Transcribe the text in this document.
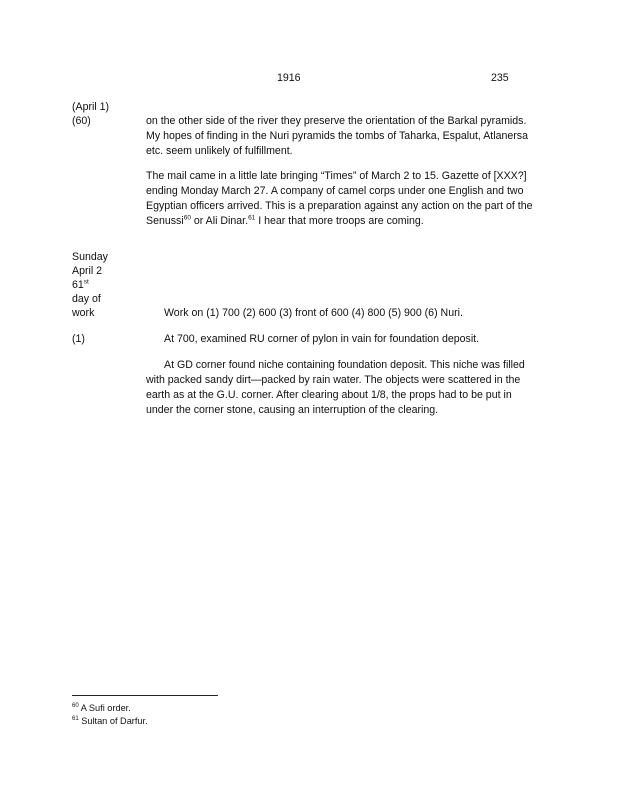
1916	235
(April 1)
(60)
Sunday
April 2
61st
day of
work
(1)

on the other side of the river they preserve the orientation of the Barkal pyramids. My hopes of finding in the Nuri pyramids the tombs of Taharka, Espalut, Atlanersa etc. seem unlikely of fulfillment.

The mail came in a little late bringing “Times” of March 2 to 15. Gazette of [XXX?] ending Monday March 27. A company of camel corps under one English and two Egyptian officers arrived. This is a preparation against any action on the part of the Senussi$^{60}$ or Ali Dinar.$^{61}$ I hear that more troops are coming.

Work on (1) 700 (2) 600 (3) front of 600 (4) 800 (5) 900 (6) Nuri.

At 700, examined RU corner of pylon in vain for foundation deposit.

At GD corner found niche containing foundation deposit. This niche was filled with packed sandy dirt—packed by rain water. The objects were scattered in the earth as at the G.U. corner. After clearing about 1/8, the props had to be put in under the corner stone, causing an interruption of the clearing.

$^{60}$ A Sufi order.
$^{61}$ Sultan of Darfur.
